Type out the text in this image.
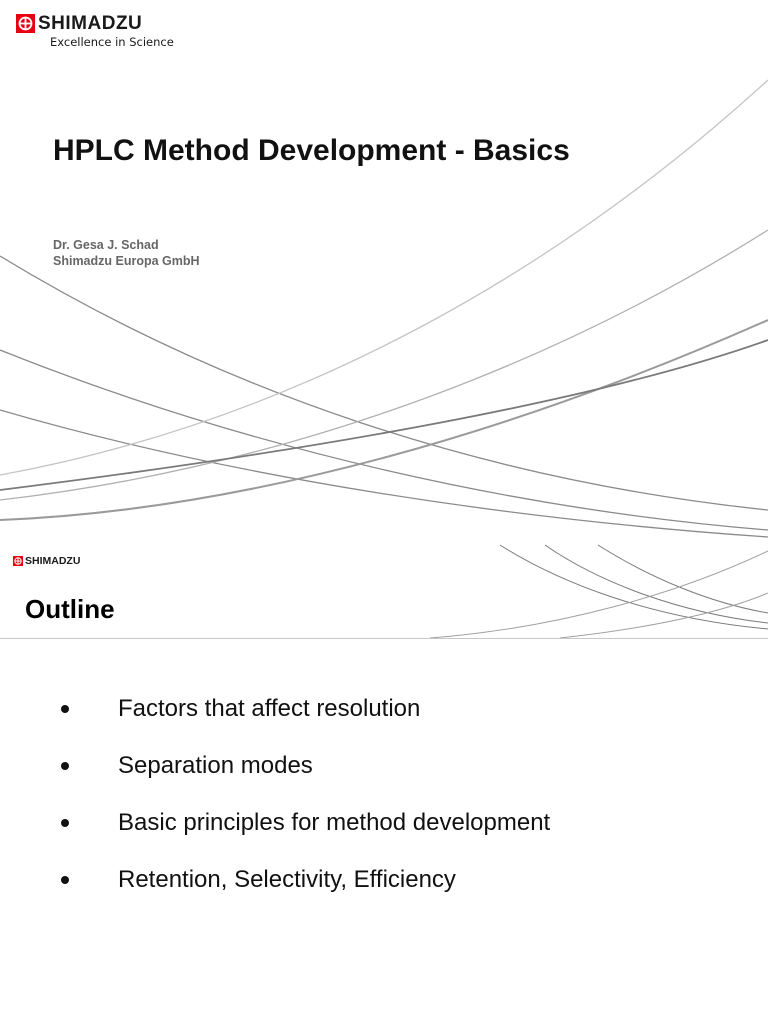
SHIMADZU
Excellence in Science
HPLC Method Development - Basics
Dr. Gesa J. Schad
Shimadzu Europa GmbH
SHIMADZU
Outline
Factors that affect resolution
Separation modes
Basic principles for method development
Retention, Selectivity, Efficiency
